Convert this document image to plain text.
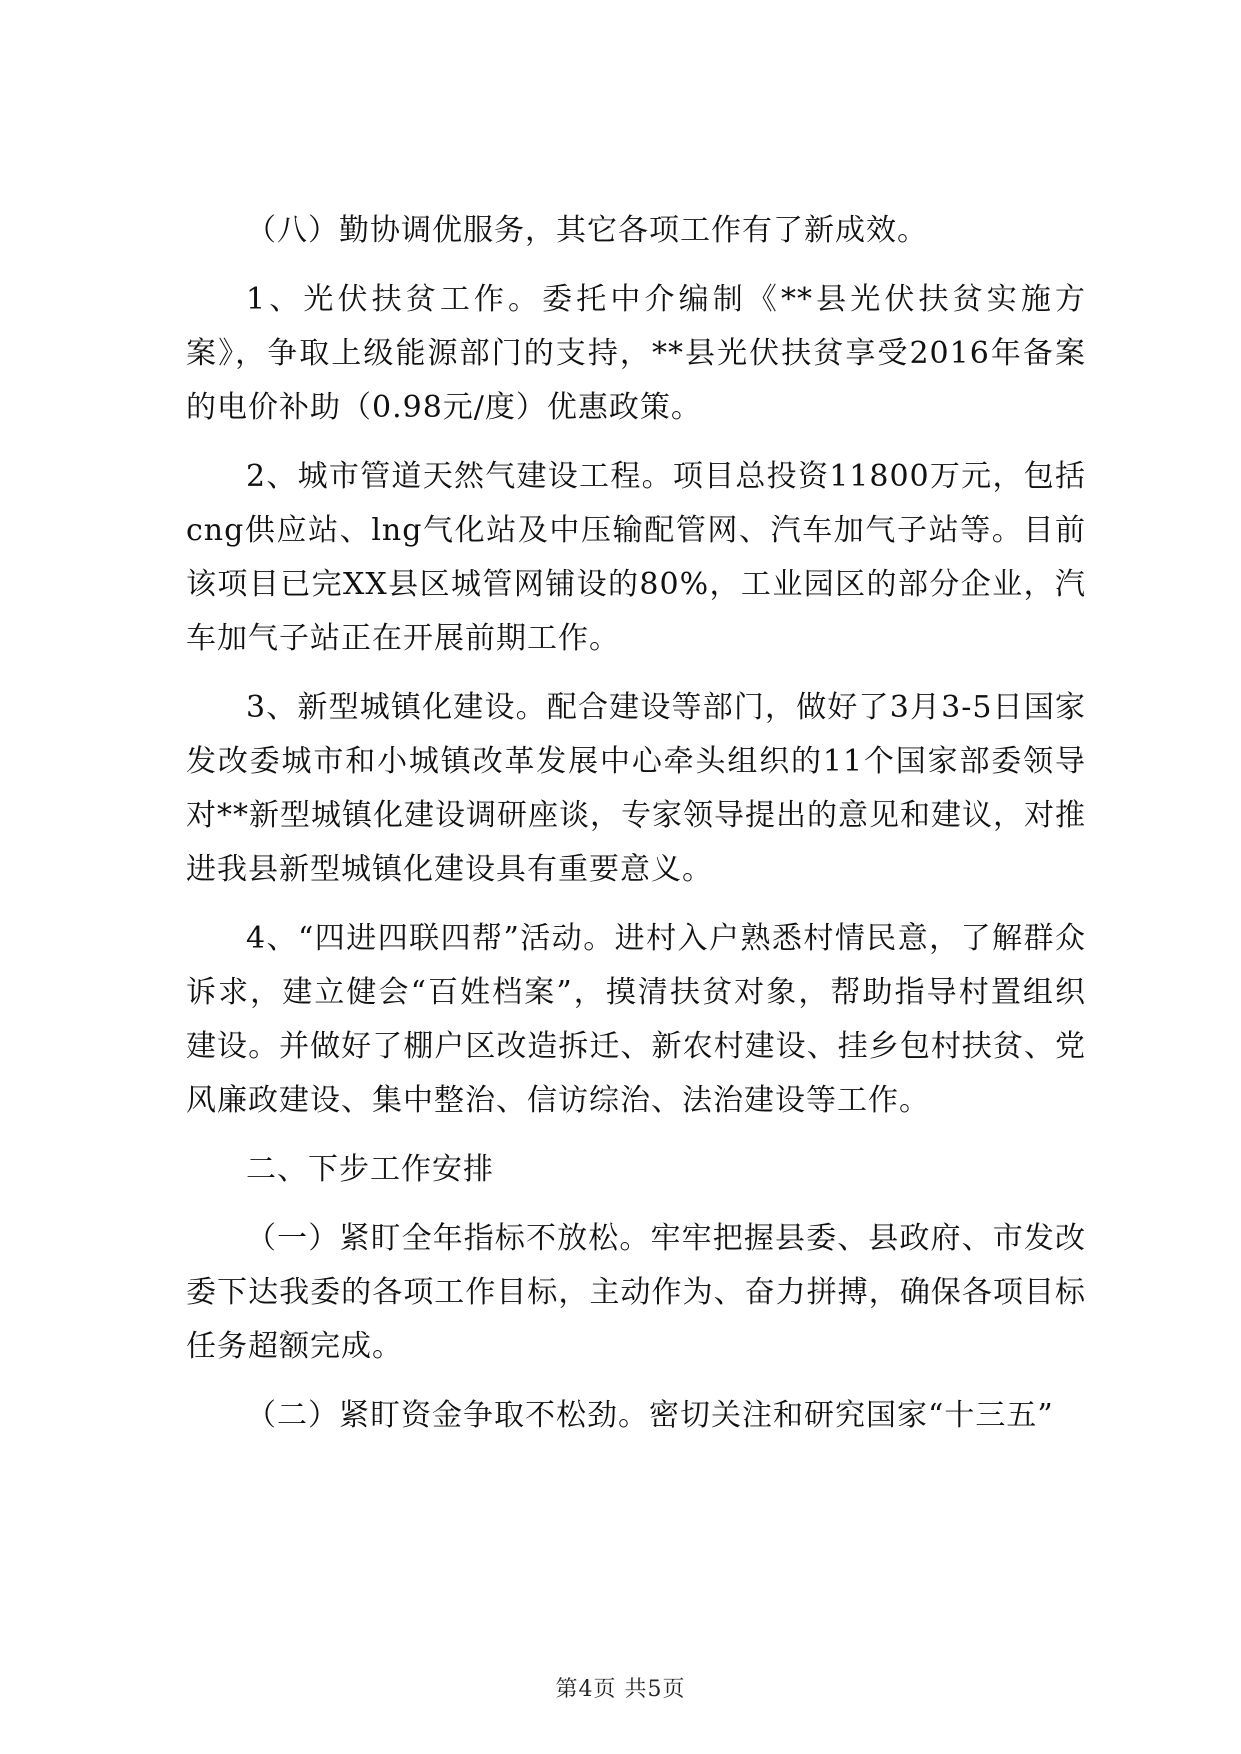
（八）勤协调优服务，其它各项工作有了新成效。

1、光伏扶贫工作。委托中介编制《**县光伏扶贫实施方案》，争取上级能源部门的支持，**县光伏扶贫享受2016年备案的电价补助（0.98元/度）优惠政策。

2、城市管道天然气建设工程。项目总投资11800万元，包括cng供应站、lng气化站及中压输配管网、汽车加气子站等。目前该项目已完XX县区城管网铺设的80%，工业园区的部分企业，汽车加气子站正在开展前期工作。

3、新型城镇化建设。配合建设等部门，做好了3月3-5日国家发改委城市和小城镇改革发展中心牵头组织的11个国家部委领导对**新型城镇化建设调研座谈，专家领导提出的意见和建议，对推进我县新型城镇化建设具有重要意义。

4、“四进四联四帮”活动。进村入户熟悉村情民意，了解群众诉求，建立健会“百姓档案”，摸清扶贫对象，帮助指导村置组织建设。并做好了棚户区改造拆迁、新农村建设、挂乡包村扶贫、党风廉政建设、集中整治、信访综治、法治建设等工作。

二、下步工作安排

（一）紧盯全年指标不放松。牢牢把握县委、县政府、市发改委下达我委的各项工作目标，主动作为、奋力拼搏，确保各项目标任务超额完成。

（二）紧盯资金争取不松劲。密切关注和研究国家“十三五”

第4页 共5页
